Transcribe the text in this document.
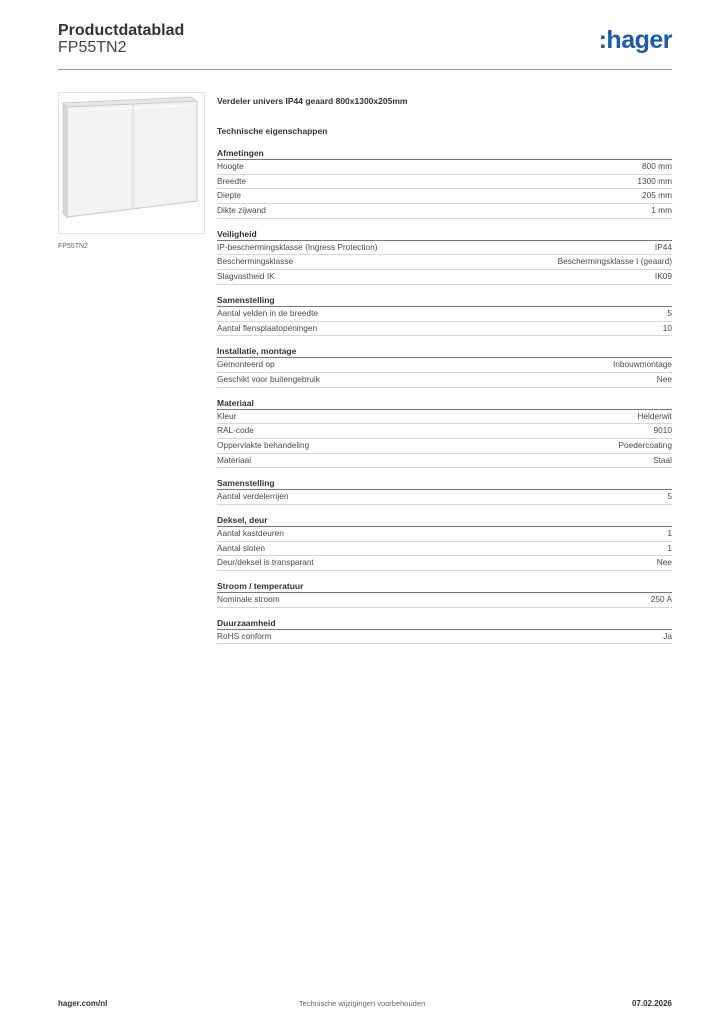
Productdatablad
FP55TN2	:hager
FP55TN2
Verdeler univers IP44 geaard 800x1300x205mm
Technische eigenschappen
Afmetingen
Hoogte	800 mm
Breedte	1300 mm
Diepte	205 mm
Dikte zijwand	1 mm
Veiligheid
IP-beschermingsklasse (Ingress Protection)	IP44
Beschermingsklasse	Beschermingsklasse I (geaard)
Slagvastheid IK	IK09
Samenstelling
Aantal velden in de breedte	5
Aantal flensplaatopeningen	10
Installatie, montage
Gemonteerd op	Inbouwmontage
Geschikt voor buitengebruik	Nee
Materiaal
Kleur	Helderwit
RAL-code	9010
Oppervlakte behandeling	Poedercoating
Materiaal	Staal
Samenstelling
Aantal verdelerrijen	5
Deksel, deur
Aantal kastdeuren	1
Aantal sloten	1
Deur/deksel is transparant	Nee
Stroom / temperatuur
Nominale stroom	250 A
Duurzaamheid
RoHS conform	Ja
hager.com/nl	Technische wijzigingen voorbehouden	07.02.2026
